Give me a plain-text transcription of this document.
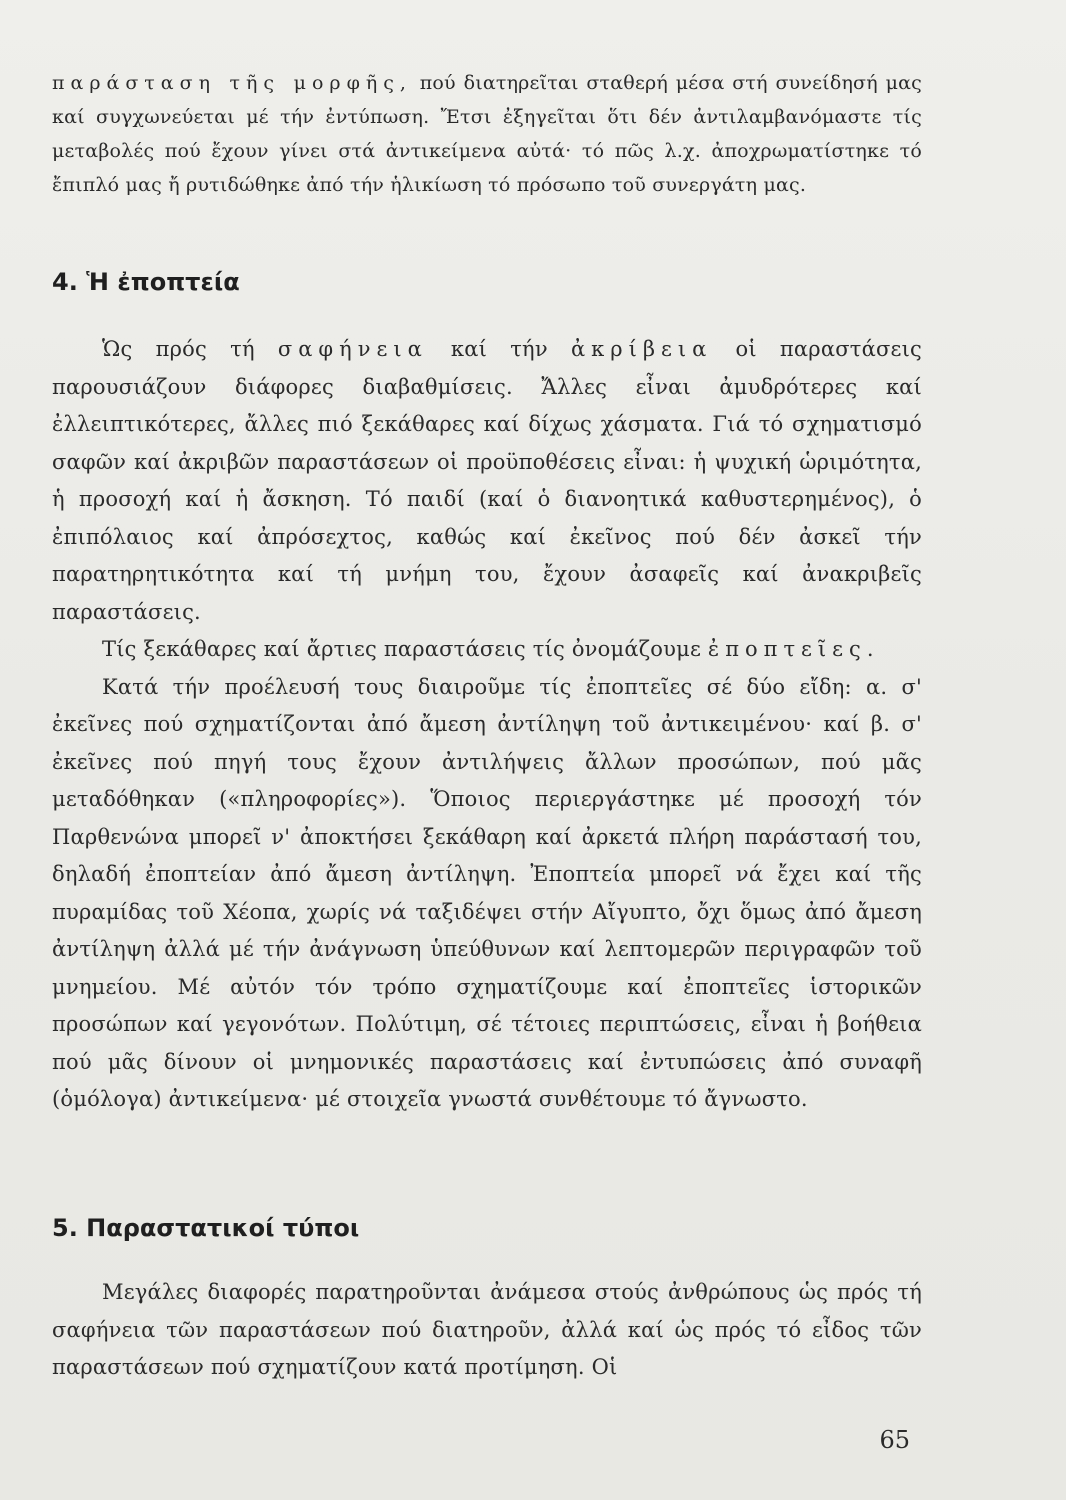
παράσταση τῆς μορφῆς, πού διατηρεῖται σταθερή μέσα στή συνείδησή μας καί συγχωνεύεται μέ τήν ἐντύπωση. Ἔτσι ἐξηγεῖται ὅτι δέν ἀντιλαμβανόμαστε τίς μεταβολές πού ἔχουν γίνει στά ἀντικείμενα αὐτά· τό πῶς λ.χ. ἀποχρωματίστηκε τό ἔπιπλό μας ἤ ρυτιδώθηκε ἀπό τήν ἡλικίωση τό πρόσωπο τοῦ συνεργάτη μας.
4. Ἡ ἐποπτεία

Ὡς πρός τή σαφήνεια καί τήν ἀκρίβεια οἱ παραστάσεις παρουσιάζουν διάφορες διαβαθμίσεις. Ἄλλες εἶναι ἀμυδρότερες καί ἐλλειπτικότερες, ἄλλες πιό ξεκάθαρες καί δίχως χάσματα. Γιά τό σχηματισμό σαφῶν καί ἀκριβῶν παραστάσεων οἱ προϋποθέσεις εἶναι: ἡ ψυχική ὡριμότητα, ἡ προσοχή καί ἡ ἄσκηση. Τό παιδί (καί ὁ διανοητικά καθυστερημένος), ὁ ἐπιπόλαιος καί ἀπρόσεχτος, καθώς καί ἐκεῖνος πού δέν ἀσκεῖ τήν παρατηρητικότητα καί τή μνήμη του, ἔχουν ἀσαφεῖς καί ἀνακριβεῖς παραστάσεις.

Τίς ξεκάθαρες καί ἄρτιες παραστάσεις τίς ὀνομάζουμε ἐποπτεῖες.

Κατά τήν προέλευσή τους διαιροῦμε τίς ἐποπτεῖες σέ δύο εἴδη: α. σ' ἐκεῖνες πού σχηματίζονται ἀπό ἄμεση ἀντίληψη τοῦ ἀντικειμένου· καί β. σ' ἐκεῖνες πού πηγή τους ἔχουν ἀντιλήψεις ἄλλων προσώπων, πού μᾶς μεταδόθηκαν («πληροφορίες»). Ὅποιος περιεργάστηκε μέ προσοχή τόν Παρθενώνα μπορεῖ ν' ἀποκτήσει ξεκάθαρη καί ἀρκετά πλήρη παράστασή του, δηλαδή ἐποπτείαν ἀπό ἄμεση ἀντίληψη. Ἐποπτεία μπορεῖ νά ἔχει καί τῆς πυραμίδας τοῦ Χέοπα, χωρίς νά ταξιδέψει στήν Αἴγυπτο, ὄχι ὅμως ἀπό ἄμεση ἀντίληψη ἀλλά μέ τήν ἀνάγνωση ὑπεύθυνων καί λεπτομερῶν περιγραφῶν τοῦ μνημείου. Μέ αὐτόν τόν τρόπο σχηματίζουμε καί ἐποπτεῖες ἱστορικῶν προσώπων καί γεγονότων. Πολύτιμη, σέ τέτοιες περιπτώσεις, εἶναι ἡ βοήθεια πού μᾶς δίνουν οἱ μνημονικές παραστάσεις καί ἐντυπώσεις ἀπό συναφῆ (ὁμόλογα) ἀντικείμενα· μέ στοιχεῖα γνωστά συνθέτουμε τό ἄγνωστο.

5. Παραστατικοί τύποι

Μεγάλες διαφορές παρατηροῦνται ἀνάμεσα στούς ἀνθρώπους ὡς πρός τή σαφήνεια τῶν παραστάσεων πού διατηροῦν, ἀλλά καί ὡς πρός τό εἶδος τῶν παραστάσεων πού σχηματίζουν κατά προτίμηση. Οἱ

65
